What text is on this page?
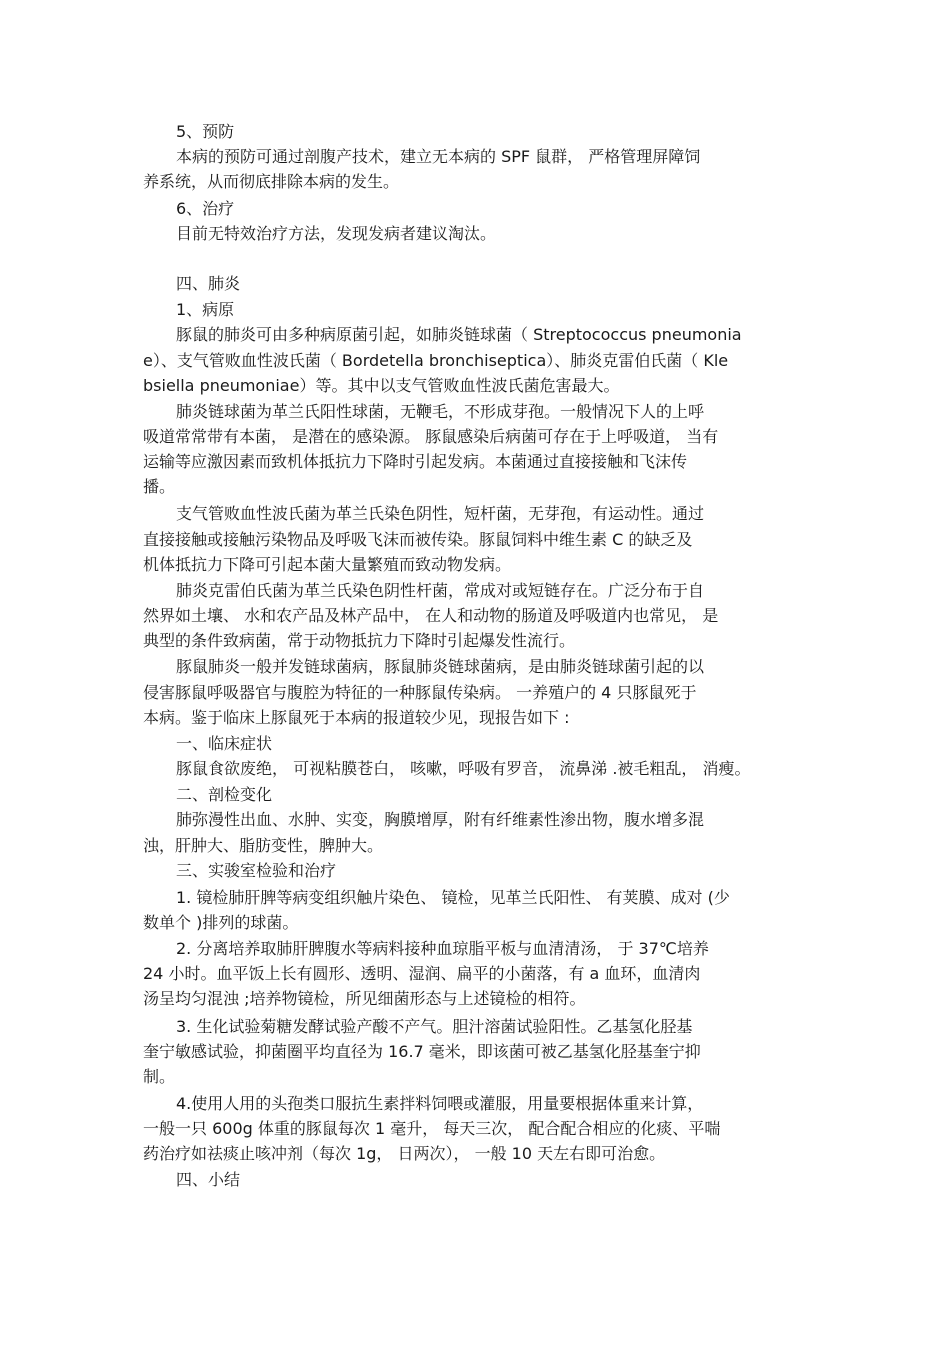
5、预防
本病的预防可通过剖腹产技术，建立无本病的 SPF 鼠群， 严格管理屏障饲
养系统，从而彻底排除本病的发生。
6、治疗
目前无特效治疗方法，发现发病者建议淘汰。
四、肺炎
1、病原
豚鼠的肺炎可由多种病原菌引起，如肺炎链球菌（ Streptococcus pneumonia
e）、支气管败血性波氏菌（ Bordetella bronchiseptica）、肺炎克雷伯氏菌（ Kle
bsiella pneumoniae）等。其中以支气管败血性波氏菌危害最大。
肺炎链球菌为革兰氏阳性球菌，无鞭毛，不形成芽孢。一般情况下人的上呼
吸道常常带有本菌， 是潜在的感染源。 豚鼠感染后病菌可存在于上呼吸道， 当有
运输等应激因素而致机体抵抗力下降时引起发病。本菌通过直接接触和飞沫传
播。
支气管败血性波氏菌为革兰氏染色阴性，短杆菌，无芽孢，有运动性。通过
直接接触或接触污染物品及呼吸飞沫而被传染。豚鼠饲料中维生素 C 的缺乏及
机体抵抗力下降可引起本菌大量繁殖而致动物发病。
肺炎克雷伯氏菌为革兰氏染色阴性杆菌，常成对或短链存在。广泛分布于自
然界如土壤、 水和农产品及林产品中， 在人和动物的肠道及呼吸道内也常见， 是
典型的条件致病菌，常于动物抵抗力下降时引起爆发性流行。
豚鼠肺炎一般并发链球菌病，豚鼠肺炎链球菌病，是由肺炎链球菌引起的以
侵害豚鼠呼吸器官与腹腔为特征的一种豚鼠传染病。 一养殖户的 4 只豚鼠死于
本病。鉴于临床上豚鼠死于本病的报道较少见，现报告如下 :
一、临床症状
豚鼠食欲废绝， 可视粘膜苍白， 咳嗽，呼吸有罗音， 流鼻涕 .被毛粗乱， 消瘦。
二、剖检变化
肺弥漫性出血、水肿、实变，胸膜增厚，附有纤维素性渗出物，腹水增多混
浊，肝肿大、脂肪变性，脾肿大。
三、实骏室检验和治疗
1. 镜检肺肝脾等病变组织触片染色、 镜检，见革兰氏阳性、 有荚膜、成对 (少
数单个 )排列的球菌。
2. 分离培养取肺肝脾腹水等病料接种血琼脂平板与血清清汤， 于 37℃培养
24 小时。血平饭上长有圆形、透明、湿润、扁平的小菌落，有 a 血环，血清肉
汤呈均匀混浊 ;培养物镜检，所见细菌形态与上述镜检的相符。
3. 生化试验菊糖发酵试验产酸不产气。胆汁溶菌试验阳性。乙基氢化胫基
奎宁敏感试验，抑菌圈平均直径为 16.7 毫米，即该菌可被乙基氢化胫基奎宁抑
制。
4.使用人用的头孢类口服抗生素拌料饲喂或灌服，用量要根据体重来计算，
一般一只 600g 体重的豚鼠每次 1 毫升， 每天三次， 配合配合相应的化痰、平喘
药治疗如祛痰止咳冲剂（每次 1g， 日两次）， 一般 10 天左右即可治愈。
四、小结
